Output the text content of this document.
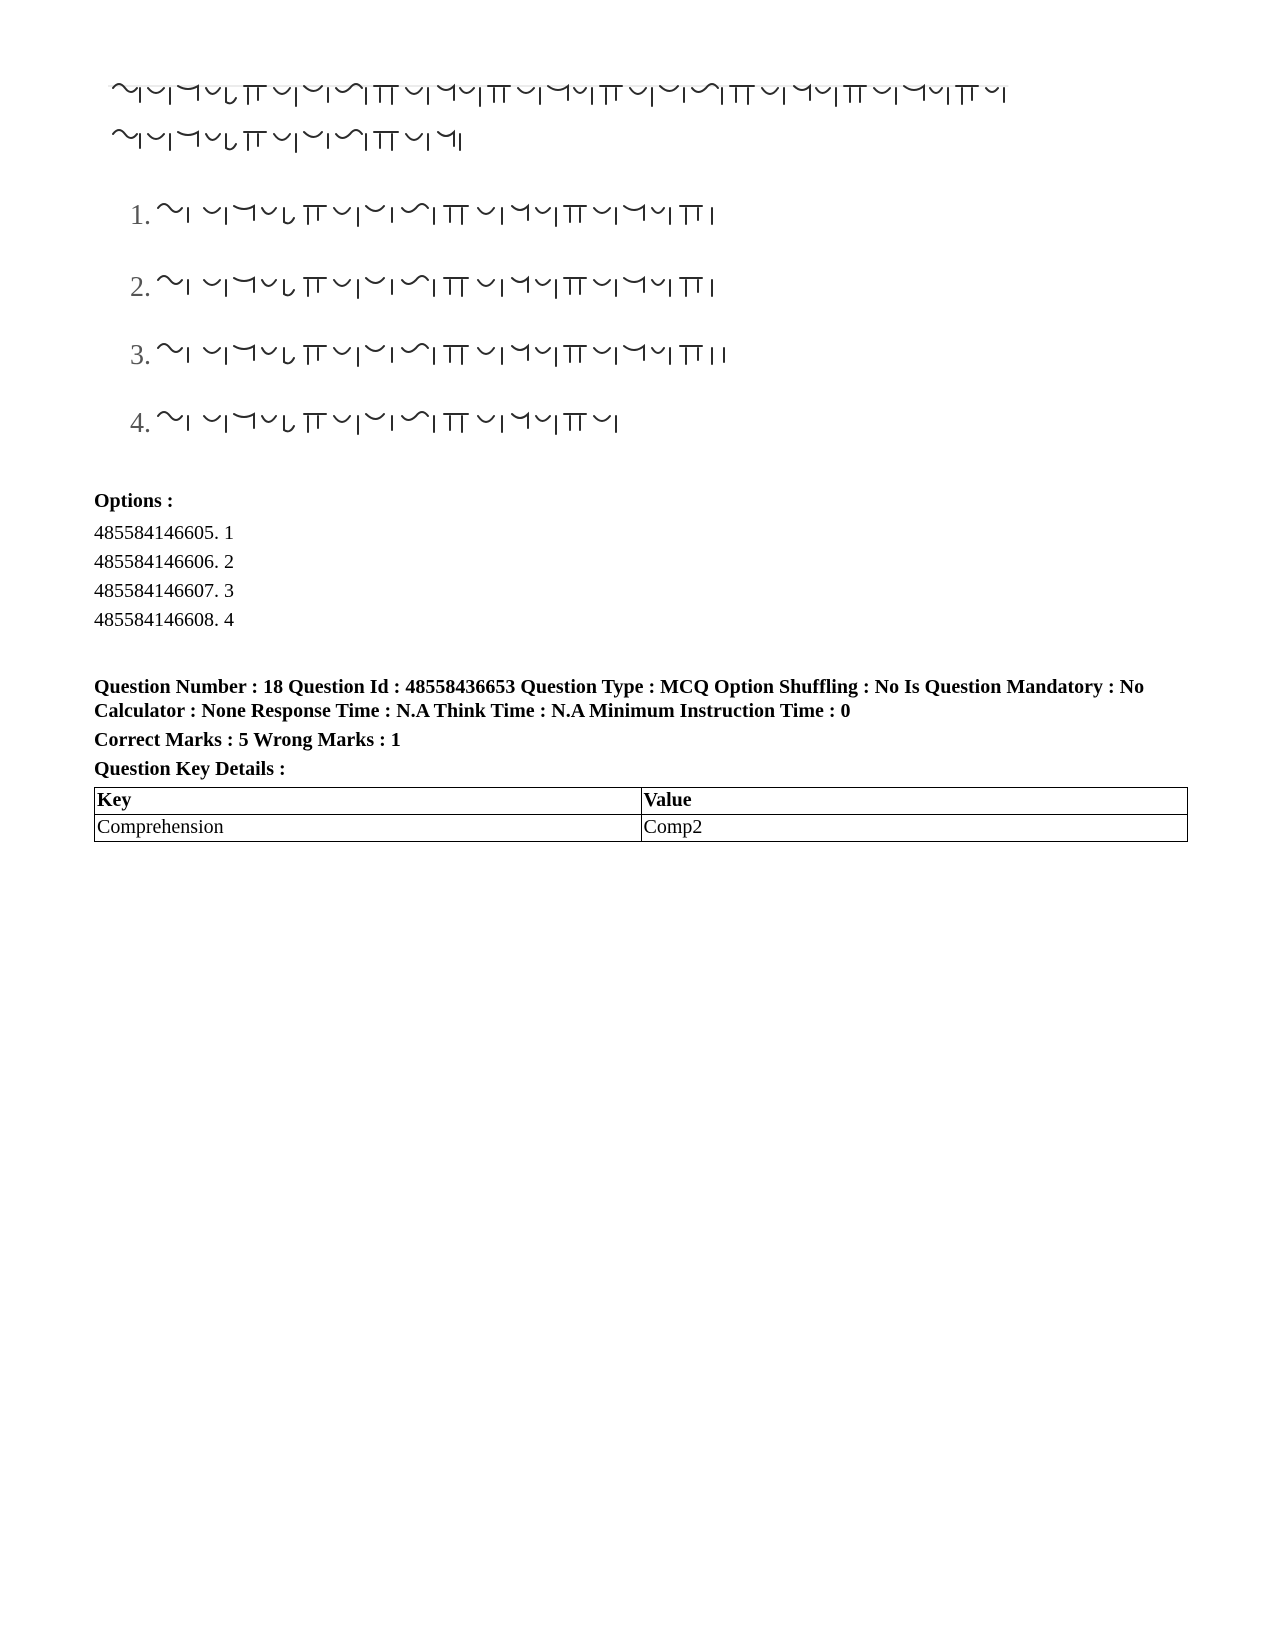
1.
2.
3.
4.
Options :
485584146605. 1
485584146606. 2
485584146607. 3
485584146608. 4
Question Number : 18 Question Id : 48558436653 Question Type : MCQ Option Shuffling : No Is Question Mandatory : No Calculator : None Response Time : N.A Think Time : N.A Minimum Instruction Time : 0
Correct Marks : 5 Wrong Marks : 1
Question Key Details :
Key	Value
Comprehension	Comp2
